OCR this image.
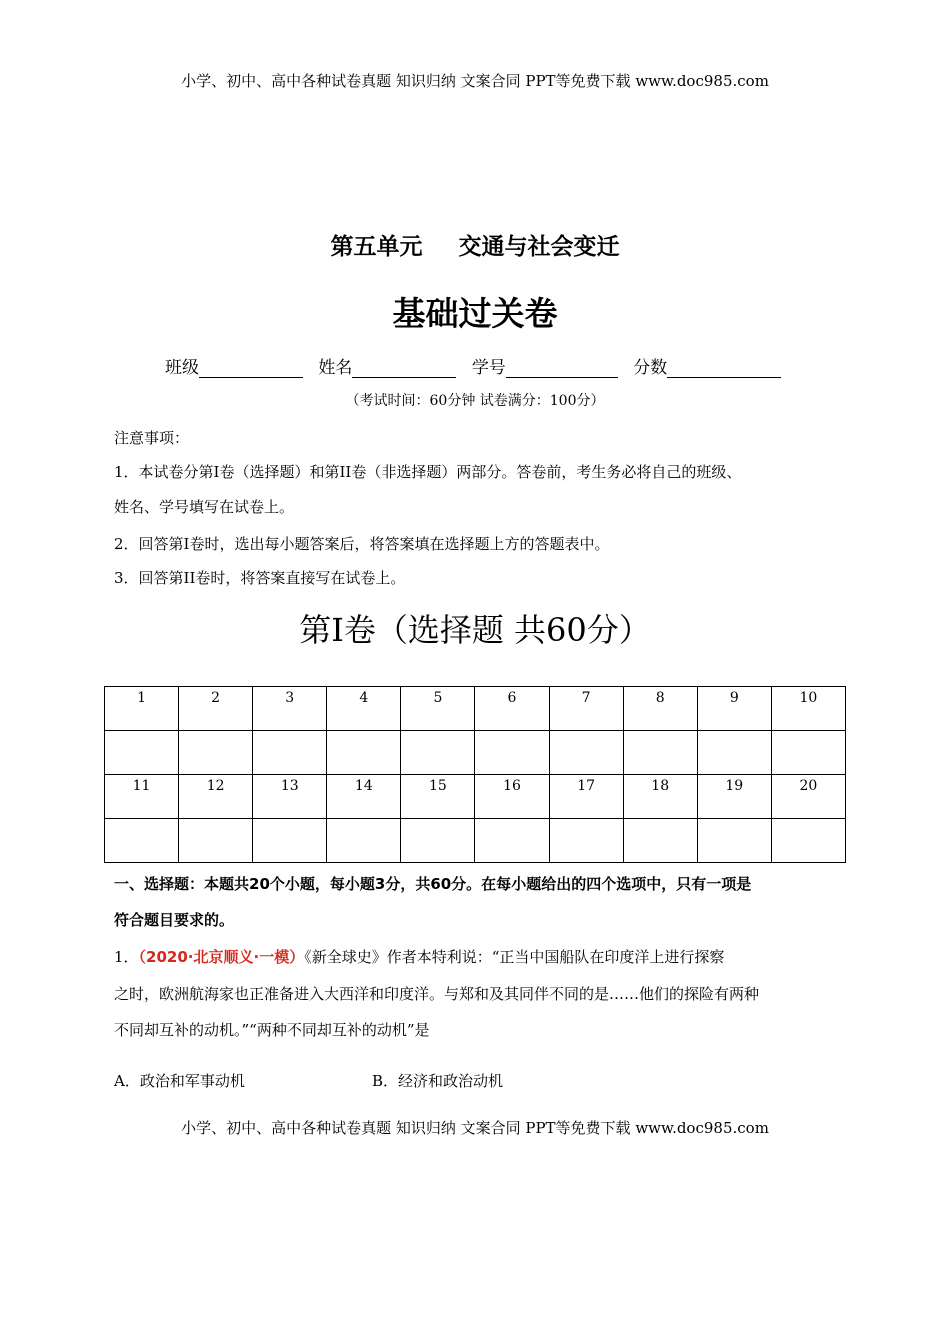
小学、初中、高中各种试卷真题 知识归纳 文案合同 PPT等免费下载 www.doc985.com
第五单元 交通与社会变迁
基础过关卷
班级	姓名	学号	分数
（考试时间：60分钟 试卷满分：100分）
注意事项：
1．本试卷分第I卷（选择题）和第II卷（非选择题）两部分。答卷前，考生务必将自己的班级、
姓名、学号填写在试卷上。
2．回答第I卷时，选出每小题答案后，将答案填在选择题上方的答题表中。
3．回答第II卷时，将答案直接写在试卷上。
第Ⅰ卷（选择题 共60分）
1	2	3	4	5	6	7	8	9	10

11	12	13	14	15	16	17	18	19	20

一、选择题：本题共20个小题，每小题3分，共60分。在每小题给出的四个选项中，只有一项是
符合题目要求的。
1．（2020·北京顺义·一模）《新全球史》作者本特利说：“正当中国船队在印度洋上进行探察
之时，欧洲航海家也正准备进入大西洋和印度洋。与郑和及其同伴不同的是……他们的探险有两种
不同却互补的动机。”“两种不同却互补的动机”是
A．政治和军事动机	B．经济和政治动机
小学、初中、高中各种试卷真题 知识归纳 文案合同 PPT等免费下载 www.doc985.com
